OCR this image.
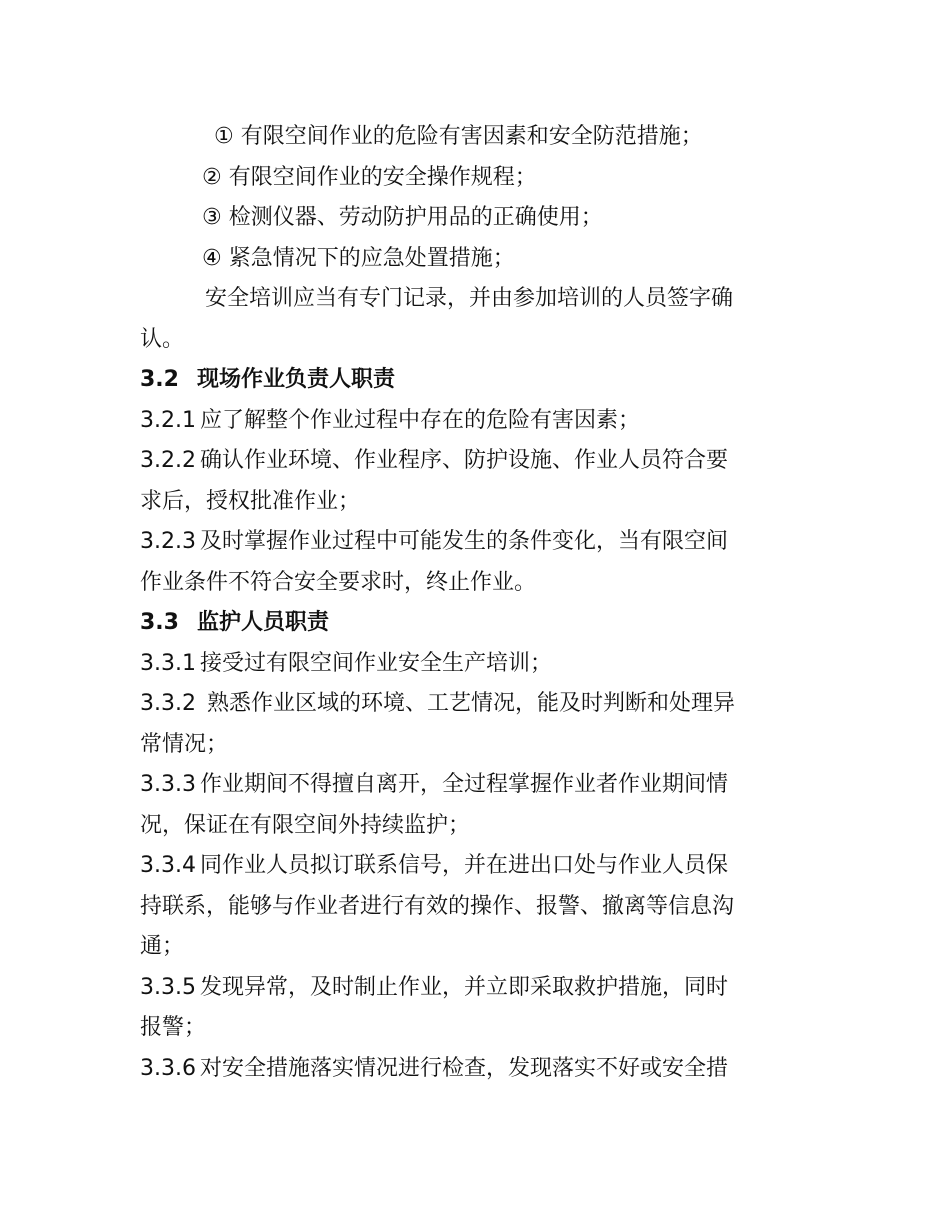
① 有限空间作业的危险有害因素和安全防范措施；
② 有限空间作业的安全操作规程；
③ 检测仪器、劳动防护用品的正确使用；
④ 紧急情况下的应急处置措施；
安全培训应当有专门记录，并由参加培训的人员签字确
认。
3.2 现场作业负责人职责
3.2.1 应了解整个作业过程中存在的危险有害因素；
3.2.2 确认作业环境、作业程序、防护设施、作业人员符合要
求后，授权批准作业；
3.2.3 及时掌握作业过程中可能发生的条件变化，当有限空间
作业条件不符合安全要求时，终止作业。
3.3 监护人员职责
3.3.1 接受过有限空间作业安全生产培训；
3.3.2 熟悉作业区域的环境、工艺情况，能及时判断和处理异
常情况；
3.3.3 作业期间不得擅自离开，全过程掌握作业者作业期间情
况，保证在有限空间外持续监护；
3.3.4 同作业人员拟订联系信号，并在进出口处与作业人员保
持联系，能够与作业者进行有效的操作、报警、撤离等信息沟
通；
3.3.5 发现异常，及时制止作业，并立即采取救护措施，同时
报警；
3.3.6 对安全措施落实情况进行检查，发现落实不好或安全措
